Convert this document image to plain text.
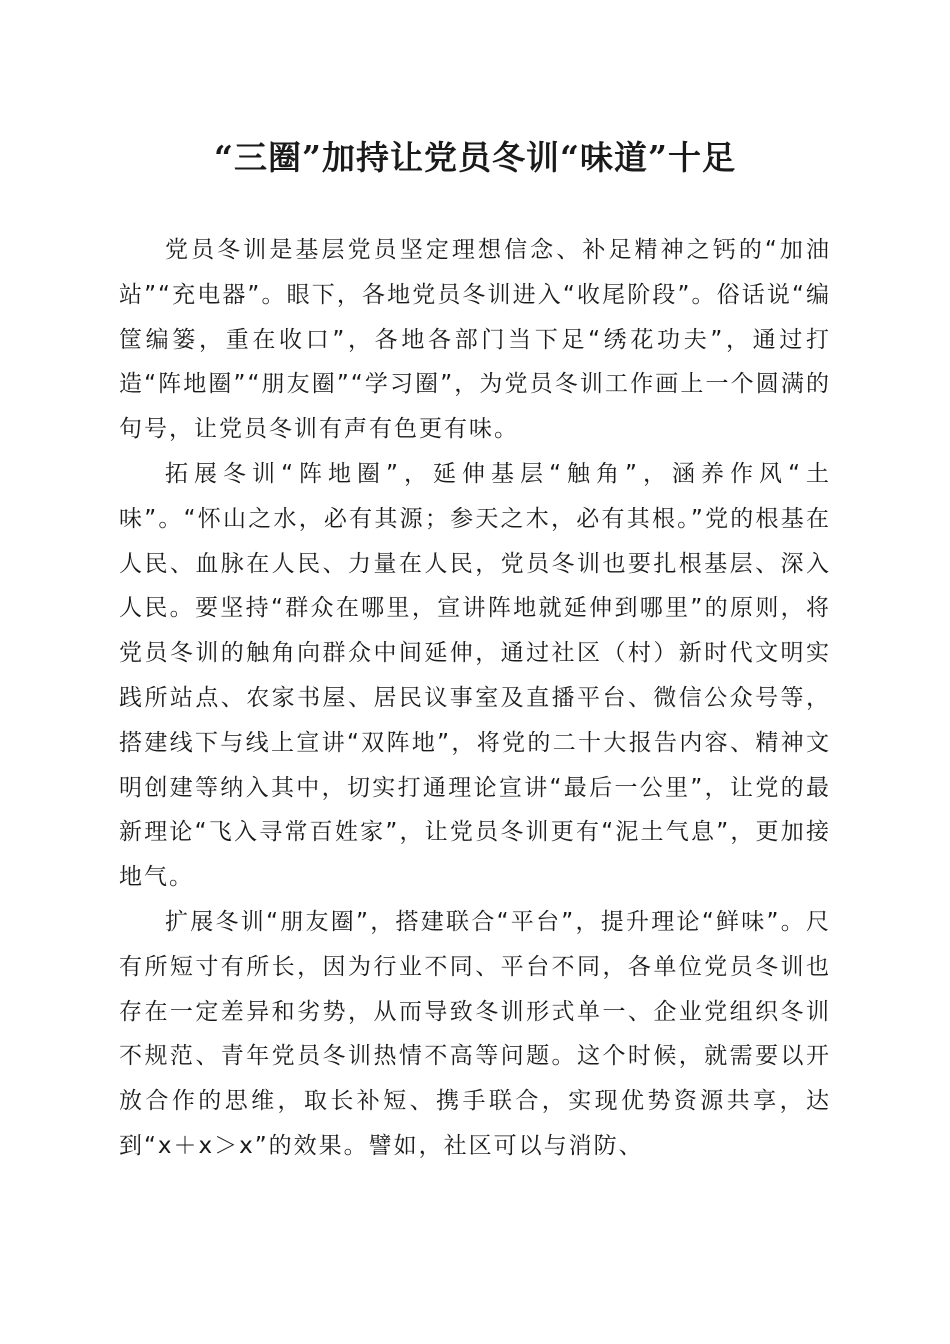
“三圈”加持让党员冬训“味道”十足

党员冬训是基层党员坚定理想信念、补足精神之钙的“加油站”“充电器”。眼下，各地党员冬训进入“收尾阶段”。俗话说“编筐编篓，重在收口”，各地各部门当下足“绣花功夫”，通过打造“阵地圈”“朋友圈”“学习圈”，为党员冬训工作画上一个圆满的句号，让党员冬训有声有色更有味。

拓展冬训“阵地圈”，延伸基层“触角”，涵养作风“土味”。“怀山之水，必有其源；参天之木，必有其根。”党的根基在人民、血脉在人民、力量在人民，党员冬训也要扎根基层、深入人民。要坚持“群众在哪里，宣讲阵地就延伸到哪里”的原则，将党员冬训的触角向群众中间延伸，通过社区（村）新时代文明实践所站点、农家书屋、居民议事室及直播平台、微信公众号等，搭建线下与线上宣讲“双阵地”，将党的二十大报告内容、精神文明创建等纳入其中，切实打通理论宣讲“最后一公里”，让党的最新理论“飞入寻常百姓家”，让党员冬训更有“泥土气息”，更加接地气。

扩展冬训“朋友圈”，搭建联合“平台”，提升理论“鲜味”。尺有所短寸有所长，因为行业不同、平台不同，各单位党员冬训也存在一定差异和劣势，从而导致冬训形式单一、企业党组织冬训不规范、青年党员冬训热情不高等问题。这个时候，就需要以开放合作的思维，取长补短、携手联合，实现优势资源共享，达到“x＋x＞x”的效果。譬如，社区可以与消防、
